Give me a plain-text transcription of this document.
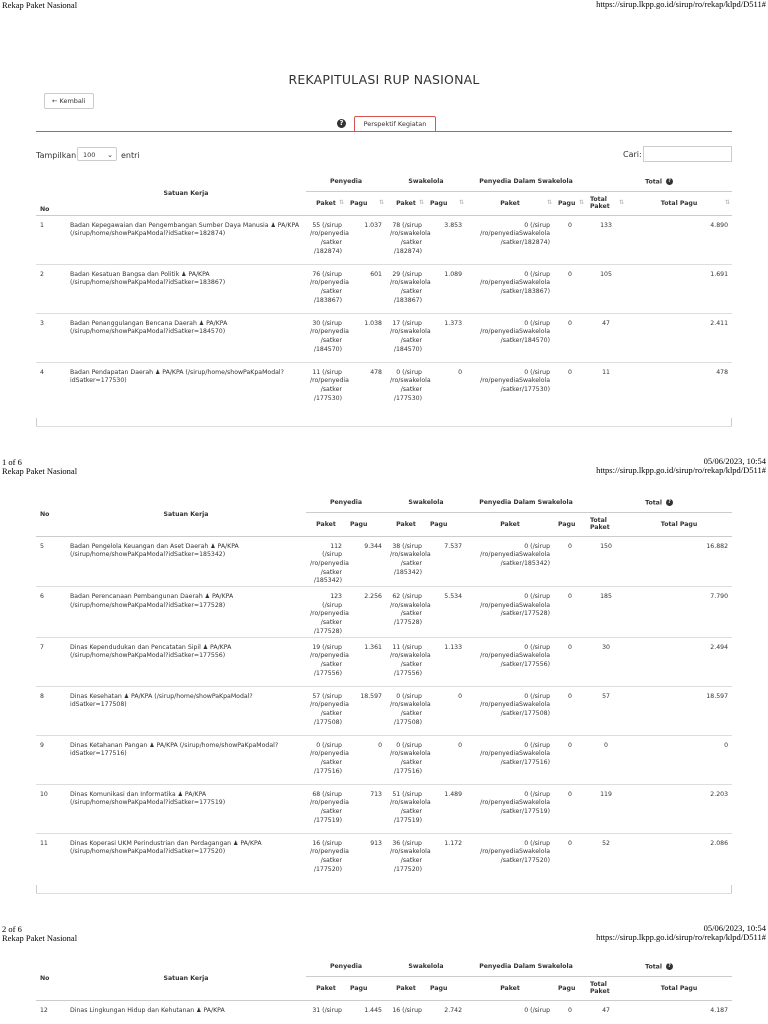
Rekap Paket Nasional	https://sirup.lkpp.go.id/sirup/ro/rekap/klpd/D511#
REKAPITULASI RUP NASIONAL
← Kembali
?	Perspektif Kegiatan
Tampilkan	100 ⌄ entri	Cari:
No	Satuan Kerja	Penyedia		Swakelola		Penyedia Dalam Swakelola		Total ?	
		Paket ⇅	Pagu ⇅	Paket ⇅	Pagu ⇅	Paket ⇅	Pagu ⇅	Total
Paket
⇅	Total Pagu ⇅

1	Badan Kepegawaian dan Pengembangan Sumber Daya Manusia ♟ PA/KPA (/sirup/home/showPaKpaModal?idSatker=182874)	55 (/sirup
/ro/penyedia
/satker
/182874)	1.037	78 (/sirup
/ro/swakelola
/satker
/182874)	3.853	0 (/sirup
/ro/penyediaSwakelola
/satker/182874)	0	133	4.890
2	Badan Kesatuan Bangsa dan Politik ♟ PA/KPA (/sirup/home/showPaKpaModal?idSatker=183867)	76 (/sirup
/ro/penyedia
/satker
/183867)	601	29 (/sirup
/ro/swakelola
/satker
/183867)	1.089	0 (/sirup
/ro/penyediaSwakelola
/satker/183867)	0	105	1.691
3	Badan Penanggulangan Bencana Daerah ♟ PA/KPA (/sirup/home/showPaKpaModal?idSatker=184570)	30 (/sirup
/ro/penyedia
/satker
/184570)	1.038	17 (/sirup
/ro/swakelola
/satker
/184570)	1.373	0 (/sirup
/ro/penyediaSwakelola
/satker/184570)	0	47	2.411
4	Badan Pendapatan Daerah ♟ PA/KPA (/sirup/home/showPaKpaModal?idSatker=177530)	11 (/sirup
/ro/penyedia
/satker
/177530)	478	0 (/sirup
/ro/swakelola
/satker
/177530)	0	0 (/sirup
/ro/penyediaSwakelola
/satker/177530)	0	11	478
1 of 6	05/06/2023, 10:54
Rekap Paket Nasional	https://sirup.lkpp.go.id/sirup/ro/rekap/klpd/D511#
No	Satuan Kerja	Penyedia		Swakelola		Penyedia Dalam Swakelola		Total ?	
		Paket	Pagu	Paket	Pagu	Paket	Pagu	Total
Paket	Total Pagu
5	Badan Pengelola Keuangan dan Aset Daerah ♟ PA/KPA (/sirup/home/showPaKpaModal?idSatker=185342)	112 (/sirup
/ro/penyedia
/satker
/185342)	9.344	38 (/sirup
/ro/swakelola
/satker
/185342)	7.537	0 (/sirup
/ro/penyediaSwakelola
/satker/185342)	0	150	16.882
6	Badan Perencanaan Pembangunan Daerah ♟ PA/KPA (/sirup/home/showPaKpaModal?idSatker=177528)	123 (/sirup
/ro/penyedia
/satker
/177528)	2.256	62 (/sirup
/ro/swakelola
/satker
/177528)	5.534	0 (/sirup
/ro/penyediaSwakelola
/satker/177528)	0	185	7.790
7	Dinas Kependudukan dan Pencatatan Sipil ♟ PA/KPA (/sirup/home/showPaKpaModal?idSatker=177556)	19 (/sirup
/ro/penyedia
/satker
/177556)	1.361	11 (/sirup
/ro/swakelola
/satker
/177556)	1.133	0 (/sirup
/ro/penyediaSwakelola
/satker/177556)	0	30	2.494
8	Dinas Kesehatan ♟ PA/KPA (/sirup/home/showPaKpaModal?idSatker=177508)	57 (/sirup
/ro/penyedia
/satker
/177508)	18.597	0 (/sirup
/ro/swakelola
/satker
/177508)	0	0 (/sirup
/ro/penyediaSwakelola
/satker/177508)	0	57	18.597
9	Dinas Ketahanan Pangan ♟ PA/KPA (/sirup/home/showPaKpaModal?idSatker=177516)	0 (/sirup
/ro/penyedia
/satker
/177516)	0	0 (/sirup
/ro/swakelola
/satker
/177516)	0	0 (/sirup
/ro/penyediaSwakelola
/satker/177516)	0	0	0
10	Dinas Komunikasi dan Informatika ♟ PA/KPA (/sirup/home/showPaKpaModal?idSatker=177519)	68 (/sirup
/ro/penyedia
/satker
/177519)	713	51 (/sirup
/ro/swakelola
/satker
/177519)	1.489	0 (/sirup
/ro/penyediaSwakelola
/satker/177519)	0	119	2.203
11	Dinas Koperasi UKM Perindustrian dan Perdagangan ♟ PA/KPA (/sirup/home/showPaKpaModal?idSatker=177520)	16 (/sirup
/ro/penyedia
/satker
/177520)	913	36 (/sirup
/ro/swakelola
/satker
/177520)	1.172	0 (/sirup
/ro/penyediaSwakelola
/satker/177520)	0	52	2.086
2 of 6	05/06/2023, 10:54
Rekap Paket Nasional	https://sirup.lkpp.go.id/sirup/ro/rekap/klpd/D511#
No	Satuan Kerja	Penyedia		Swakelola		Penyedia Dalam Swakelola		Total ?	
		Paket	Pagu	Paket	Pagu	Paket	Pagu	Total
Paket	Total Pagu
12	Dinas Lingkungan Hidup dan Kehutanan ♟ PA/KPA	31 (/sirup	1.445	16 (/sirup	2.742	0 (/sirup	0	47	4.187
